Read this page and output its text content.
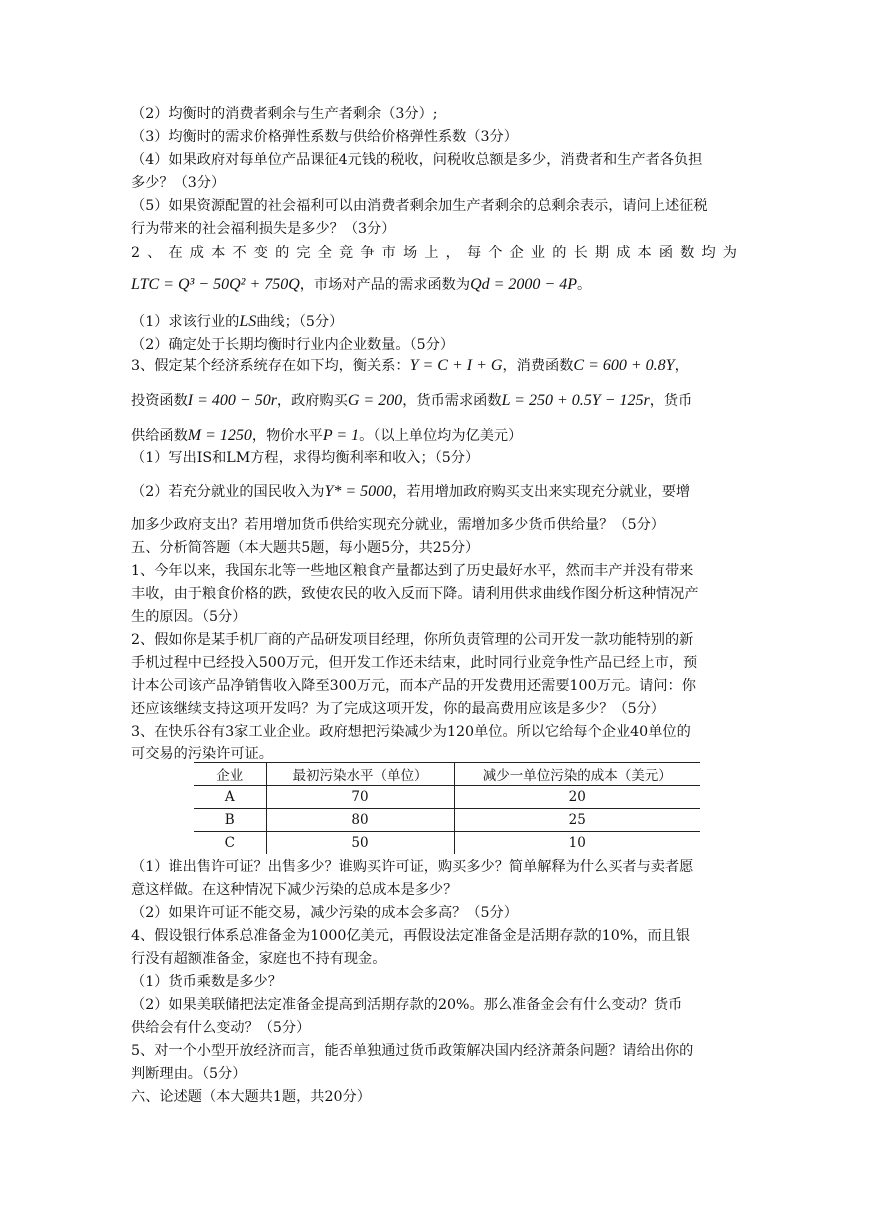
（2）均衡时的消费者剩余与生产者剩余（3分）;
（3）均衡时的需求价格弹性系数与供给价格弹性系数（3分）
（4）如果政府对每单位产品课征4元钱的税收，问税收总额是多少，消费者和生产者各负担
多少？（3分）
（5）如果资源配置的社会福利可以由消费者剩余加生产者剩余的总剩余表示，请问上述征税
行为带来的社会福利损失是多少？（3分）
2、在成本不变的完全竞争市场上，每个企业的长期成本函数均为
LTC = Q³ − 50Q² + 750Q，市场对产品的需求函数为Qd = 2000 − 4P。
（1）求该行业的LS曲线；（5分）
（2）确定处于长期均衡时行业内企业数量。（5分）
3、假定某个经济系统存在如下均，衡关系：Y = C + I + G，消费函数C = 600 + 0.8Y，
投资函数I = 400 − 50r，政府购买G = 200，货币需求函数L = 250 + 0.5Y − 125r，货币
供给函数M = 1250，物价水平P = 1。（以上单位均为亿美元）
（1）写出IS和LM方程，求得均衡利率和收入；（5分）
（2）若充分就业的国民收入为Y* = 5000，若用增加政府购买支出来实现充分就业，要增
加多少政府支出？若用增加货币供给实现充分就业，需增加多少货币供给量？（5分）
五、分析简答题（本大题共5题，每小题5分，共25分）
1、今年以来，我国东北等一些地区粮食产量都达到了历史最好水平，然而丰产并没有带来
丰收，由于粮食价格的跌，致使农民的收入反而下降。请利用供求曲线作图分析这种情况产
生的原因。（5分）
2、假如你是某手机厂商的产品研发项目经理，你所负责管理的公司开发一款功能特别的新
手机过程中已经投入500万元，但开发工作还未结束，此时同行业竞争性产品已经上市，预
计本公司该产品净销售收入降至300万元，而本产品的开发费用还需要100万元。请问：你
还应该继续支持这项开发吗？为了完成这项开发，你的最高费用应该是多少？（5分）
3、在快乐谷有3家工业企业。政府想把污染减少为120单位。所以它给每个企业40单位的
可交易的污染许可证。
企业	最初污染水平（单位）	减少一单位污染的成本（美元）
A	70	20
B	80	25
C	50	10
（1）谁出售许可证？出售多少？谁购买许可证，购买多少？简单解释为什么买者与卖者愿
意这样做。在这种情况下减少污染的总成本是多少？
（2）如果许可证不能交易，减少污染的成本会多高？（5分）
4、假设银行体系总准备金为1000亿美元，再假设法定准备金是活期存款的10%，而且银
行没有超额准备金，家庭也不持有现金。
（1）货币乘数是多少？
（2）如果美联储把法定准备金提高到活期存款的20%。那么准备金会有什么变动？货币
供给会有什么变动？（5分）
5、对一个小型开放经济而言，能否单独通过货币政策解决国内经济萧条问题？请给出你的
判断理由。（5分）
六、论述题（本大题共1题，共20分）
